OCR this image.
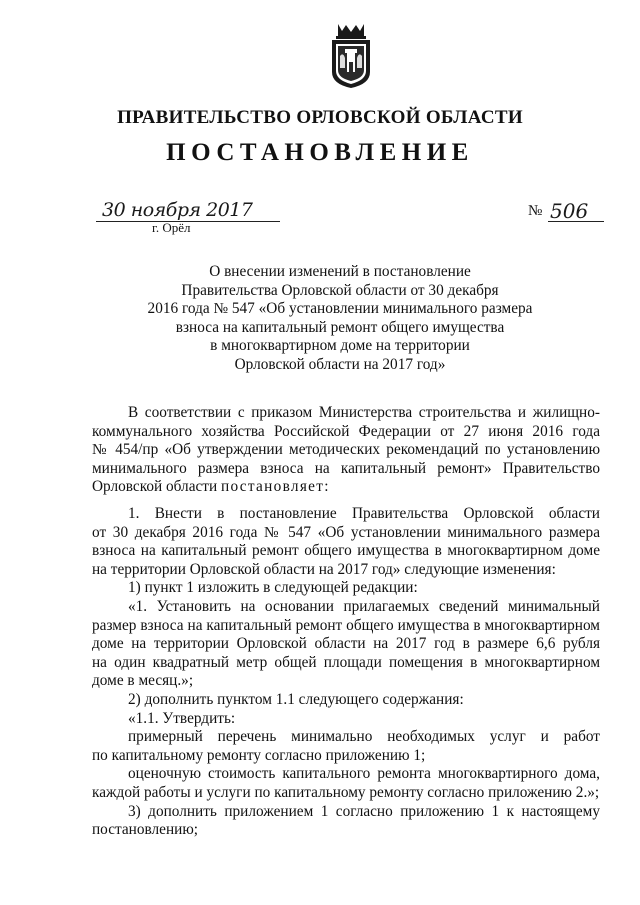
ПРАВИТЕЛЬСТВО ОРЛОВСКОЙ ОБЛАСТИ
ПОСТАНОВЛЕНИЕ
30 ноября 2017
г. Орёл
№ 506
О внесении изменений в постановление
Правительства Орловской области от 30 декабря
2016 года № 547 «Об установлении минимального размера
взноса на капитальный ремонт общего имущества
в многоквартирном доме на территории
Орловской области на 2017 год»
В соответствии с приказом Министерства строительства и жилищно-
коммунального хозяйства Российской Федерации от 27 июня 2016 года
№ 454/пр «Об утверждении методических рекомендаций по установлению
минимального размера взноса на капитальный ремонт» Правительство
Орловской области постановляет:
1. Внести в постановление Правительства Орловской области
от 30 декабря 2016 года № 547 «Об установлении минимального размера
взноса на капитальный ремонт общего имущества в многоквартирном доме
на территории Орловской области на 2017 год» следующие изменения:
1) пункт 1 изложить в следующей редакции:
«1. Установить на основании прилагаемых сведений минимальный
размер взноса на капитальный ремонт общего имущества в многоквартирном
доме на территории Орловской области на 2017 год в размере 6,6 рубля
на один квадратный метр общей площади помещения в многоквартирном
доме в месяц.»;
2) дополнить пунктом 1.1 следующего содержания:
«1.1. Утвердить:
примерный перечень минимально необходимых услуг и работ
по капитальному ремонту согласно приложению 1;
оценочную стоимость капитального ремонта многоквартирного дома,
каждой работы и услуги по капитальному ремонту согласно приложению 2.»;
3) дополнить приложением 1 согласно приложению 1 к настоящему
постановлению;
